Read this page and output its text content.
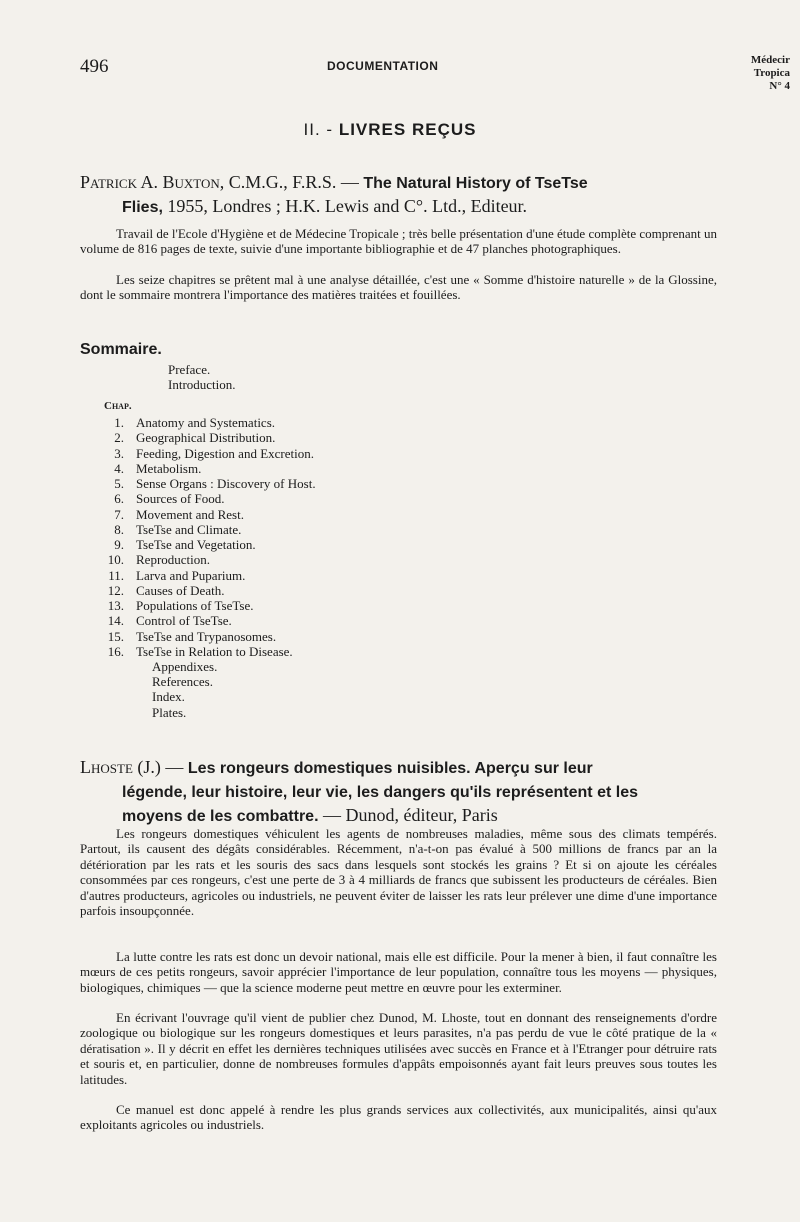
496	DOCUMENTATION	Médecir
Tropica
N° 4
II. - LIVRES REÇUS
Patrick A. Buxton, C.M.G., F.R.S. — The Natural History of TseTse
Flies, 1955, Londres ; H.K. Lewis and C°. Ltd., Editeur.

Travail de l'Ecole d'Hygiène et de Médecine Tropicale ; très belle présentation d'une étude complète comprenant un volume de 816 pages de texte, suivie d'une importante bibliographie et de 47 planches photographiques.

Les seize chapitres se prêtent mal à une analyse détaillée, c'est une « Somme d'histoire naturelle » de la Glossine, dont le sommaire montrera l'importance des matières traitées et fouillées.

Sommaire.
Preface.
Introduction.
Chap.
1. Anatomy and Systematics.
2. Geographical Distribution.
3. Feeding, Digestion and Excretion.
4. Metabolism.
5. Sense Organs : Discovery of Host.
6. Sources of Food.
7. Movement and Rest.
8. TseTse and Climate.
9. TseTse and Vegetation.
10. Reproduction.
11. Larva and Puparium.
12. Causes of Death.
13. Populations of TseTse.
14. Control of TseTse.
15. TseTse and Trypanosomes.
16. TseTse in Relation to Disease.
Appendixes.
References.
Index.
Plates.
Lhoste (J.) — Les rongeurs domestiques nuisibles. Aperçu sur leur
légende, leur histoire, leur vie, les dangers qu'ils représentent et les
moyens de les combattre. — Dunod, éditeur, Paris

Les rongeurs domestiques véhiculent les agents de nombreuses maladies, même sous des climats tempérés. Partout, ils causent des dégâts considérables. Récemment, n'a-t-on pas évalué à 500 millions de francs par an la détérioration par les rats et les souris des sacs dans lesquels sont stockés les grains ? Et si on ajoute les céréales consommées par ces rongeurs, c'est une perte de 3 à 4 milliards de francs que subissent les producteurs de céréales. Bien d'autres producteurs, agricoles ou industriels, ne peuvent éviter de laisser les rats leur prélever une dime d'une importance parfois insoupçonnée.

La lutte contre les rats est donc un devoir national, mais elle est difficile. Pour la mener à bien, il faut connaître les mœurs de ces petits rongeurs, savoir apprécier l'importance de leur population, connaître tous les moyens — physiques, biologiques, chimiques — que la science moderne peut mettre en œuvre pour les exterminer.

En écrivant l'ouvrage qu'il vient de publier chez Dunod, M. Lhoste, tout en donnant des renseignements d'ordre zoologique ou biologique sur les rongeurs domestiques et leurs parasites, n'a pas perdu de vue le côté pratique de la « dératisation ». Il y décrit en effet les dernières techniques utilisées avec succès en France et à l'Etranger pour détruire rats et souris et, en particulier, donne de nombreuses formules d'appâts empoisonnés ayant fait leurs preuves sous toutes les latitudes.

Ce manuel est donc appelé à rendre les plus grands services aux collectivités, aux municipalités, ainsi qu'aux exploitants agricoles ou industriels.
